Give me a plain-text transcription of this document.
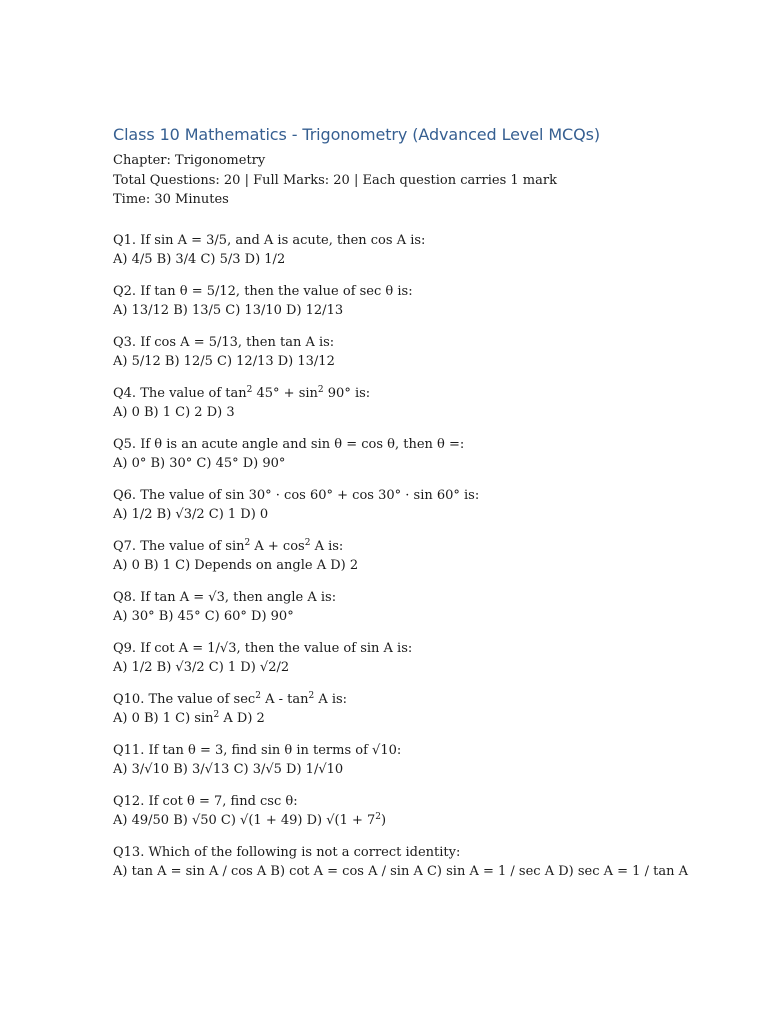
Class 10 Mathematics - Trigonometry (Advanced Level MCQs)
Chapter: Trigonometry
Total Questions: 20 | Full Marks: 20 | Each question carries 1 mark
Time: 30 Minutes
Q1. If sin A = 3/5, and A is acute, then cos A is:
A) 4/5 B) 3/4 C) 5/3 D) 1/2
Q2. If tan θ = 5/12, then the value of sec θ is:
A) 13/12 B) 13/5 C) 13/10 D) 12/13
Q3. If cos A = 5/13, then tan A is:
A) 5/12 B) 12/5 C) 12/13 D) 13/12
Q4. The value of $\tan^2 45^\circ + \sin^2 90^\circ$ is:
A) 0 B) 1 C) 2 D) 3
Q5. If θ is an acute angle and sin θ = cos θ, then θ =:
A) 0° B) 30° C) 45° D) 90°
Q6. The value of sin 30° · cos 60° + cos 30° · sin 60° is:
A) 1/2 B) √3/2 C) 1 D) 0
Q7. The value of $\sin^2 A + \cos^2 A$ is:
A) 0 B) 1 C) Depends on angle A D) 2
Q8. If tan A = √3, then angle A is:
A) 30° B) 45° C) 60° D) 90°
Q9. If cot A = 1/√3, then the value of sin A is:
A) 1/2 B) √3/2 C) 1 D) √2/2
Q10. The value of $\sec^2 A - \tan^2 A$ is:
A) 0 B) 1 C) $\sin^2 A$ D) 2
Q11. If tan θ = 3, find sin θ in terms of √10:
A) 3/√10 B) 3/√13 C) 3/√5 D) 1/√10
Q12. If cot θ = 7, find csc θ:
A) 49/50 B) √50 C) √(1 + 49) D) $√(1 + 7^2)$
Q13. Which of the following is not a correct identity:
A) tan A = sin A / cos A B) cot A = cos A / sin A C) sin A = 1 / sec A D) sec A = 1 / tan A
